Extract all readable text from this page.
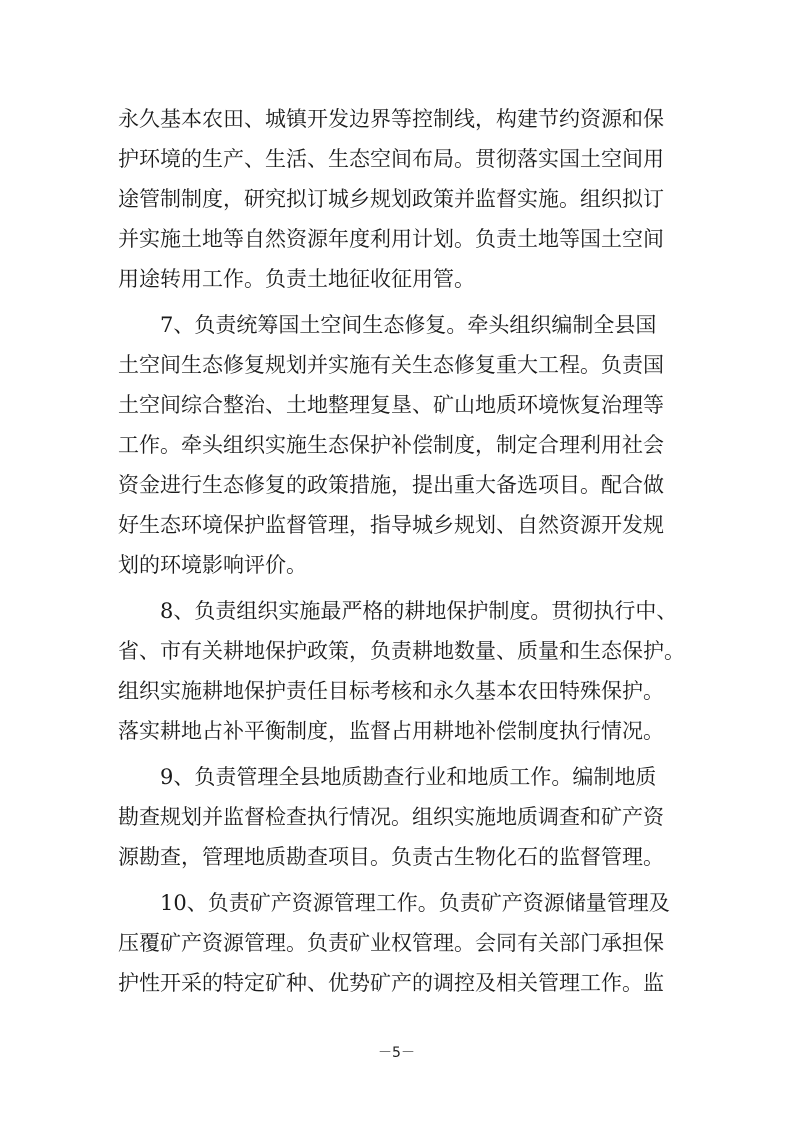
永久基本农田、城镇开发边界等控制线，构建节约资源和保
护环境的生产、生活、生态空间布局。贯彻落实国土空间用
途管制制度，研究拟订城乡规划政策并监督实施。组织拟订
并实施土地等自然资源年度利用计划。负责土地等国土空间
用途转用工作。负责土地征收征用管。
7、负责统筹国土空间生态修复。牵头组织编制全县国
土空间生态修复规划并实施有关生态修复重大工程。负责国
土空间综合整治、土地整理复垦、矿山地质环境恢复治理等
工作。牵头组织实施生态保护补偿制度，制定合理利用社会
资金进行生态修复的政策措施，提出重大备选项目。配合做
好生态环境保护监督管理，指导城乡规划、自然资源开发规
划的环境影响评价。
8、负责组织实施最严格的耕地保护制度。贯彻执行中、
省、市有关耕地保护政策，负责耕地数量、质量和生态保护。
组织实施耕地保护责任目标考核和永久基本农田特殊保护。
落实耕地占补平衡制度，监督占用耕地补偿制度执行情况。
9、负责管理全县地质勘查行业和地质工作。编制地质
勘查规划并监督检查执行情况。组织实施地质调查和矿产资
源勘查，管理地质勘查项目。负责古生物化石的监督管理。
10、负责矿产资源管理工作。负责矿产资源储量管理及
压覆矿产资源管理。负责矿业权管理。会同有关部门承担保
护性开采的特定矿种、优势矿产的调控及相关管理工作。监
－5－
